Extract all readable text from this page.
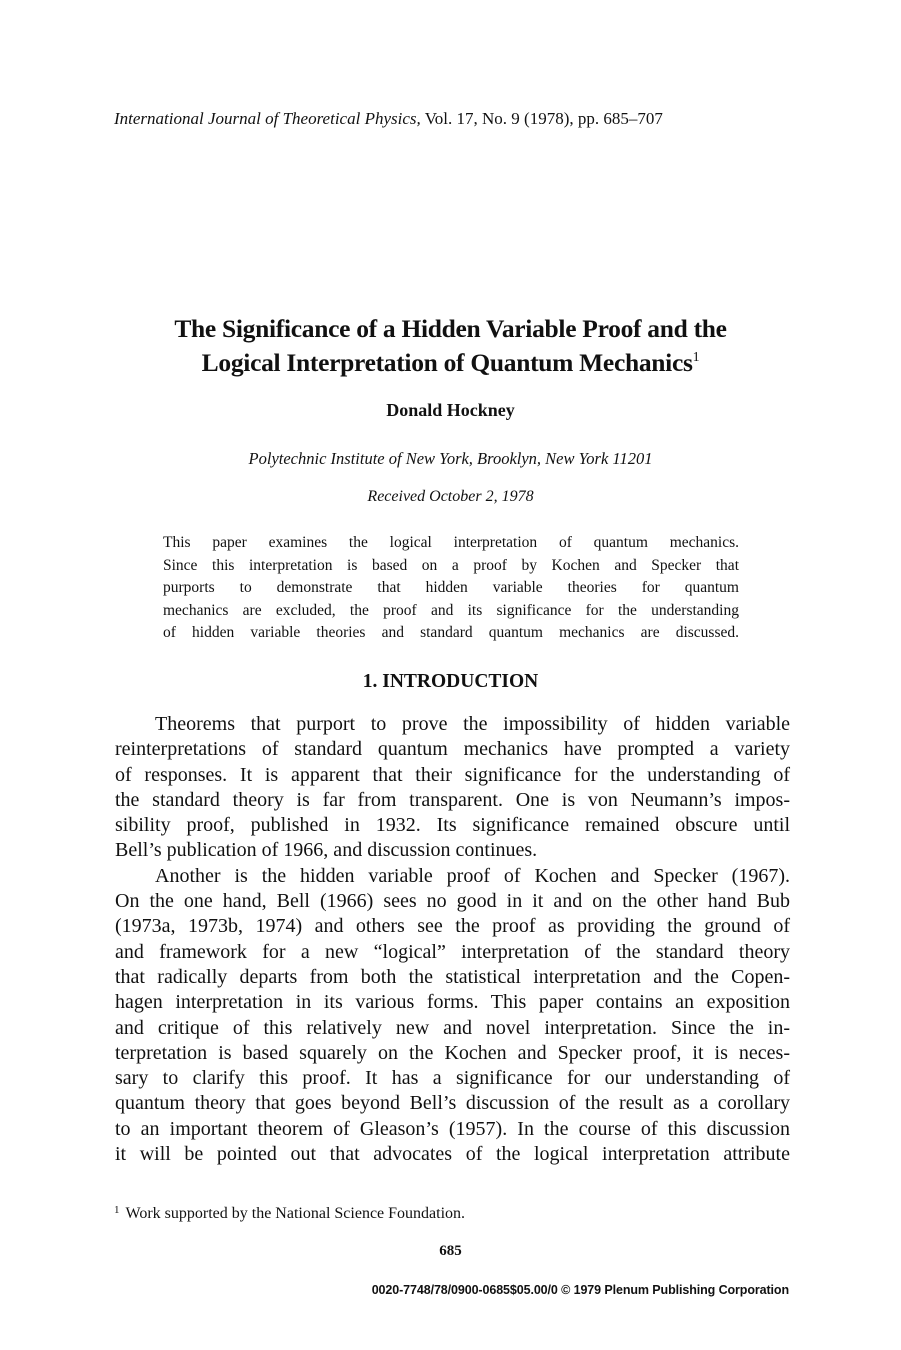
International Journal of Theoretical Physics, Vol. 17, No. 9 (1978), pp. 685–707
The Significance of a Hidden Variable Proof and the
Logical Interpretation of Quantum Mechanics$^1$
Donald Hockney
Polytechnic Institute of New York, Brooklyn, New York 11201
Received October 2, 1978
This paper examines the logical interpretation of quantum mechanics.
Since this interpretation is based on a proof by Kochen and Specker that
purports to demonstrate that hidden variable theories for quantum
mechanics are excluded, the proof and its significance for the understanding
of hidden variable theories and standard quantum mechanics are discussed.
1. INTRODUCTION
Theorems that purport to prove the impossibility of hidden variable
reinterpretations of standard quantum mechanics have prompted a variety
of responses. It is apparent that their significance for the understanding of
the standard theory is far from transparent. One is von Neumann’s impos-
sibility proof, published in 1932. Its significance remained obscure until
Bell’s publication of 1966, and discussion continues.
Another is the hidden variable proof of Kochen and Specker (1967).
On the one hand, Bell (1966) sees no good in it and on the other hand Bub
(1973a, 1973b, 1974) and others see the proof as providing the ground of
and framework for a new “logical” interpretation of the standard theory
that radically departs from both the statistical interpretation and the Copen-
hagen interpretation in its various forms. This paper contains an exposition
and critique of this relatively new and novel interpretation. Since the in-
terpretation is based squarely on the Kochen and Specker proof, it is neces-
sary to clarify this proof. It has a significance for our understanding of
quantum theory that goes beyond Bell’s discussion of the result as a corollary
to an important theorem of Gleason’s (1957). In the course of this discussion
it will be pointed out that advocates of the logical interpretation attribute
$^1$ Work supported by the National Science Foundation.
685
0020-7748/78/0900-0685$05.00/0 © 1979 Plenum Publishing Corporation
